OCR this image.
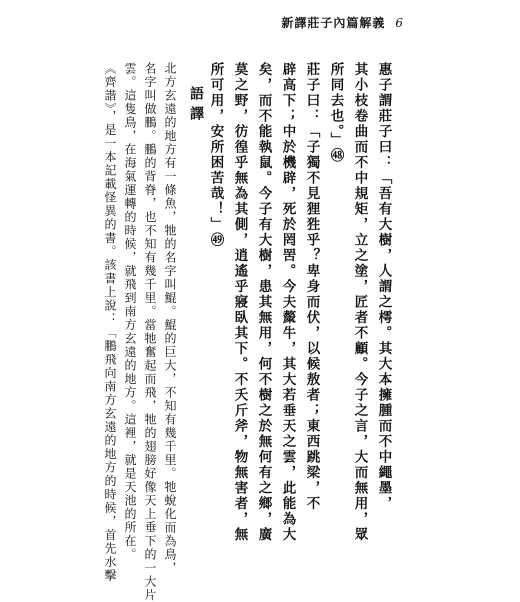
新譯莊子內篇解義 6
惠子謂莊子曰：「吾有大樹，人謂之樗。其大本擁腫而不中繩墨，
其小枝卷曲而不中規矩，立之塗，匠者不顧。今子之言，大而無用，眾
所同去也。」㊽
莊子曰：「子獨不見狸狌乎？卑身而伏，以候敖者；東西跳梁，不
辟高下；中於機辟，死於罔罟。今夫斄牛，其大若垂天之雲，此能為大
矣，而不能執鼠。今子有大樹，患其無用，何不樹之於無何有之鄉，廣
莫之野，彷徨乎無為其側，逍遙乎寢臥其下。不夭斤斧，物無害者，無
所可用，安所困苦哉！」㊾
語譯
北方玄遠的地方有一條魚，牠的名字叫鯤。鯤的巨大，不知有幾千里。牠蛻化而為鳥，
名字叫做鵬。鵬的背脊，也不知有幾千里。當牠奮起而飛，牠的翅膀好像天上垂下的一大片
雲。這隻鳥，在海氣運轉的時候，就飛到南方玄遠的地方。這裡，就是天池的所在。
《齊諧》，是一本記載怪異的書。該書上說：「鵬飛向南方玄遠的地方的時候，首先水擊
